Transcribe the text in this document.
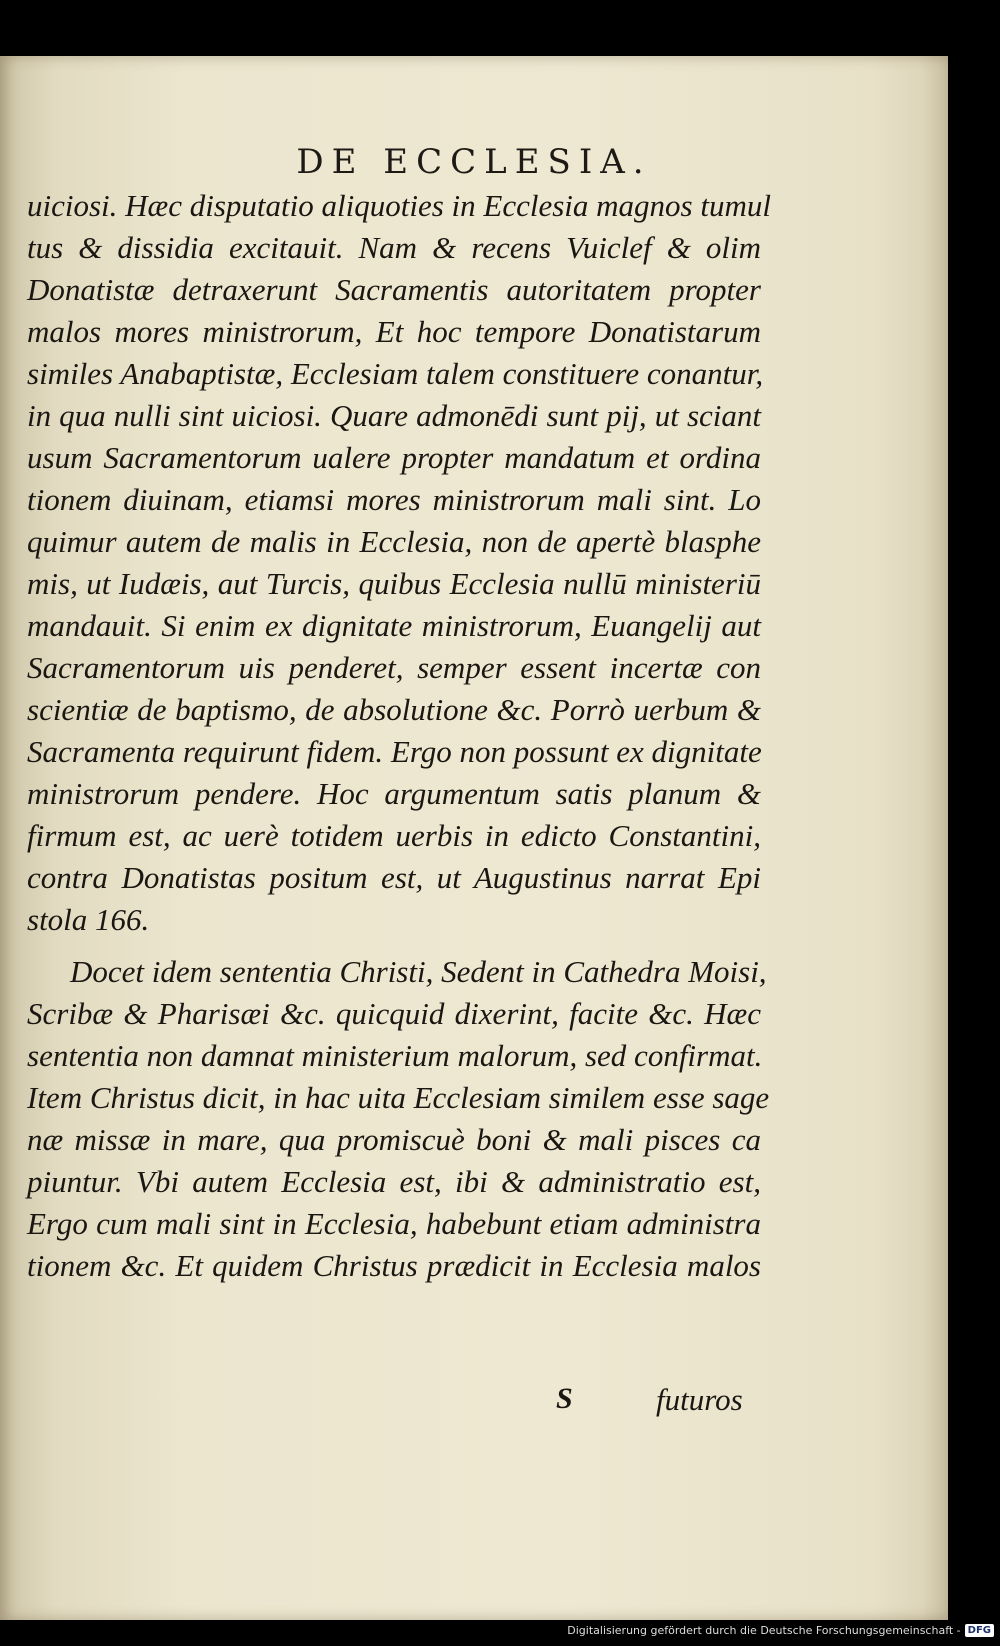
DE ECCLESIA.
uiciosi. Hæc disputatio aliquoties in Ecclesia magnos tumul
tus & dissidia excitauit. Nam & recens Vuiclef & olim
Donatistæ detraxerunt Sacramentis autoritatem propter
malos mores ministrorum, Et hoc tempore Donatistarum
similes Anabaptistæ, Ecclesiam talem constituere conantur,
in qua nulli sint uiciosi. Quare admonēdi sunt pij, ut sciant
usum Sacramentorum ualere propter mandatum et ordina
tionem diuinam, etiamsi mores ministrorum mali sint. Lo
quimur autem de malis in Ecclesia, non de apertè blasphe
mis, ut Iudæis, aut Turcis, quibus Ecclesia nullū ministeriū
mandauit. Si enim ex dignitate ministrorum, Euangelij aut
Sacramentorum uis penderet, semper essent incertæ con
scientiæ de baptismo, de absolutione &c. Porrò uerbum &
Sacramenta requirunt fidem. Ergo non possunt ex dignitate
ministrorum pendere. Hoc argumentum satis planum &
firmum est, ac uerè totidem uerbis in edicto Constantini,
contra Donatistas positum est, ut Augustinus narrat Epi
stola 166.
Docet idem sententia Christi, Sedent in Cathedra Moisi,
Scribæ & Pharisæi &c. quicquid dixerint, facite &c. Hæc
sententia non damnat ministerium malorum, sed confirmat.
Item Christus dicit, in hac uita Ecclesiam similem esse sage
næ missæ in mare, qua promiscuè boni & mali pisces ca
piuntur. Vbi autem Ecclesia est, ibi & administratio est,
Ergo cum mali sint in Ecclesia, habebunt etiam administra
tionem &c. Et quidem Christus prædicit in Ecclesia malos
S	futuros
Digitalisierung gefördert durch die Deutsche Forschungsgemeinschaft - DFG
